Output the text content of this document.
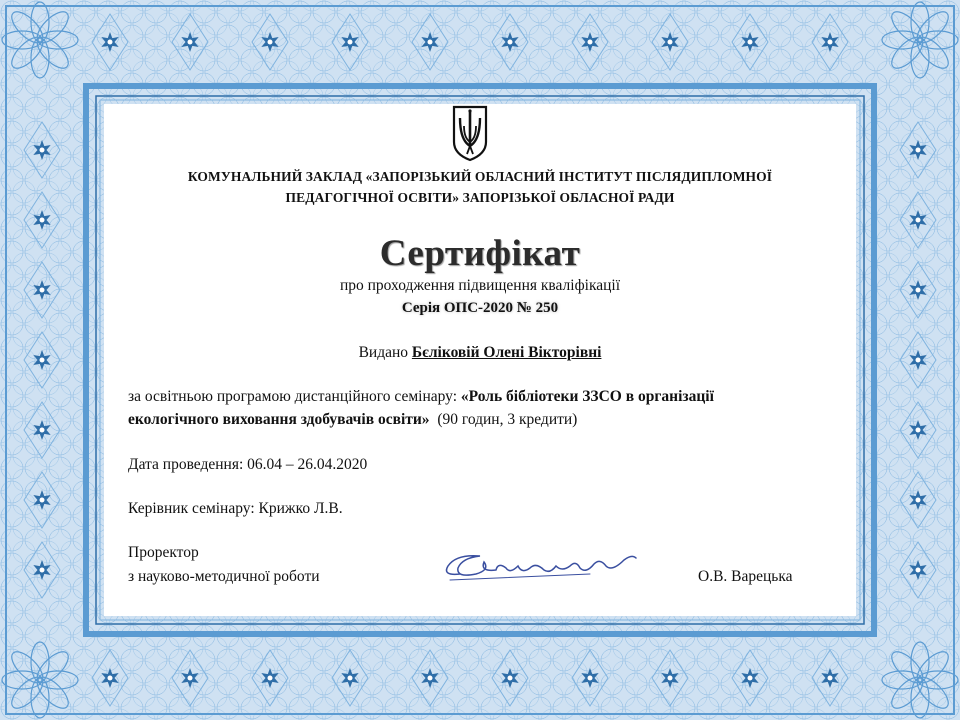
КОМУНАЛЬНИЙ ЗАКЛАД «ЗАПОРІЗЬКИЙ ОБЛАСНИЙ ІНСТИТУТ ПІСЛЯДИПЛОМНОЇ
ПЕДАГОГІЧНОЇ ОСВІТИ» ЗАПОРІЗЬКОЇ ОБЛАСНОЇ РАДИ
Сертифікат
про проходження підвищення кваліфікації
Серія ОПС-2020 № 250
Видано Бєліковій Олені Вікторівні
за освітньою програмою дистанційного семінару: «Роль бібліотеки ЗЗСО в організації
екологічного виховання здобувачів освіти»  (90 годин, 3 кредити)
Дата проведення: 06.04 – 26.04.2020
Керівник семінару: Крижко Л.В.
Проректор
з науково-методичної роботи	О.В. Варецька
